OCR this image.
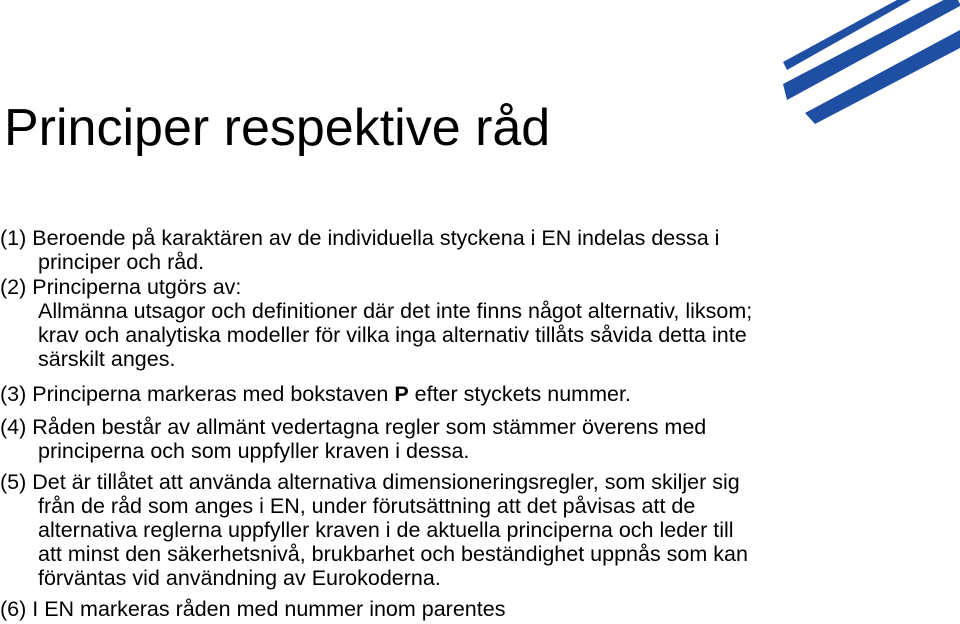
Principer respektive råd

(1) Beroende på karaktären av de individuella styckena i EN indelas dessa i
principer och råd.

(2) Principerna utgörs av:
Allmänna utsagor och definitioner där det inte finns något alternativ, liksom;
krav och analytiska modeller för vilka inga alternativ tillåts såvida detta inte
särskilt anges.

(3) Principerna markeras med bokstaven P efter styckets nummer.

(4) Råden består av allmänt vedertagna regler som stämmer överens med
principerna och som uppfyller kraven i dessa.

(5) Det är tillåtet att använda alternativa dimensioneringsregler, som skiljer sig
från de råd som anges i EN, under förutsättning att det påvisas att de
alternativa reglerna uppfyller kraven i de aktuella principerna och leder till
att minst den säkerhetsnivå, brukbarhet och beständighet uppnås som kan
förväntas vid användning av Eurokoderna.

(6) I EN markeras råden med nummer inom parentes
